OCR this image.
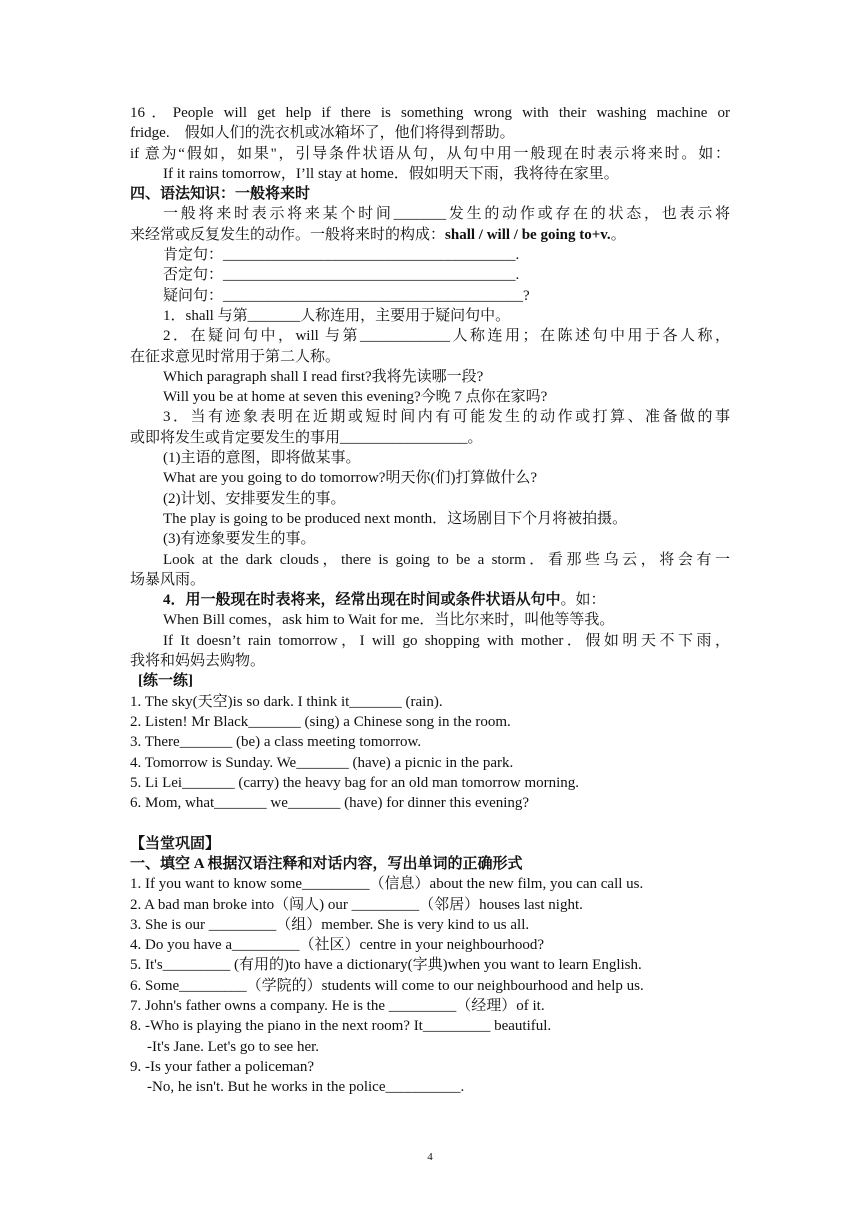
16．People will get help if there is something wrong with their washing machine or
fridge.　假如人们的洗衣机或冰箱坏了，他们将得到帮助。
if 意为“假如，如果"，引导条件状语从句，从句中用一般现在时表示将来时。如：
If it rains tomorrow，I’ll stay at home．假如明天下雨，我将待在家里。
四、语法知识：一般将来时
一般将来时表示将来某个时间_______发生的动作或存在的状态，也表示将
来经常或反复发生的动作。一般将来时的构成：shall / will / be going to+v.。
肯定句：_______________________________________.
否定句：_______________________________________.
疑问句：________________________________________?
1．shall 与第_______人称连用，主要用于疑问句中。
2．在疑问句中，will 与第____________人称连用；在陈述句中用于各人称，
在征求意见时常用于第二人称。
Which paragraph shall I read first?我将先读哪一段?
Will you be at home at seven this evening?今晚 7 点你在家吗?
3．当有迹象表明在近期或短时间内有可能发生的动作或打算、准备做的事
或即将发生或肯定要发生的事用_________________。
(1)主语的意图，即将做某事。
What are you going to do tomorrow?明天你(们)打算做什么?
(2)计划、安排要发生的事。
The play is going to be produced next month．这场剧目下个月将被拍摄。
(3)有迹象要发生的事。
Look at the dark clouds，there is going to be a storm．看那些乌云，将会有一
场暴风雨。
4．用一般现在时表将来，经常出现在时间或条件状语从句中。如：
When Bill comes，ask him to Wait for me．当比尔来时，叫他等等我。
If It doesn’t rain tomorrow，I will go shopping with mother．假如明天不下雨，
我将和妈妈去购物。
[练一练]
1. The sky(天空)is so dark. I think it_______ (rain).
2. Listen! Mr Black_______ (sing) a Chinese song in the room.
3. There_______ (be) a class meeting tomorrow.
4. Tomorrow is Sunday. We_______ (have) a picnic in the park.
5. Li Lei_______ (carry) the heavy bag for an old man tomorrow morning.
6. Mom, what_______ we_______ (have) for dinner this evening?
【当堂巩固】
一、填空 A 根据汉语注释和对话内容，写出单词的正确形式
1. If you want to know some_________（信息）about the new film, you can call us.
2. A bad man broke into（闯人) our _________（邻居）houses last night.
3. She is our _________（组）member. She is very kind to us all.
4. Do you have a_________（社区）centre in your neighbourhood?
5. It's_________ (有用的)to have a dictionary(字典)when you want to learn English.
6. Some_________（学院的）students will come to our neighbourhood and help us.
7. John's father owns a company. He is the _________（经理）of it.
8. -Who is playing the piano in the next room? It_________ beautiful.
-It's Jane. Let's go to see her.
9. -Is your father a policeman?
-No, he isn't. But he works in the police__________.
4
